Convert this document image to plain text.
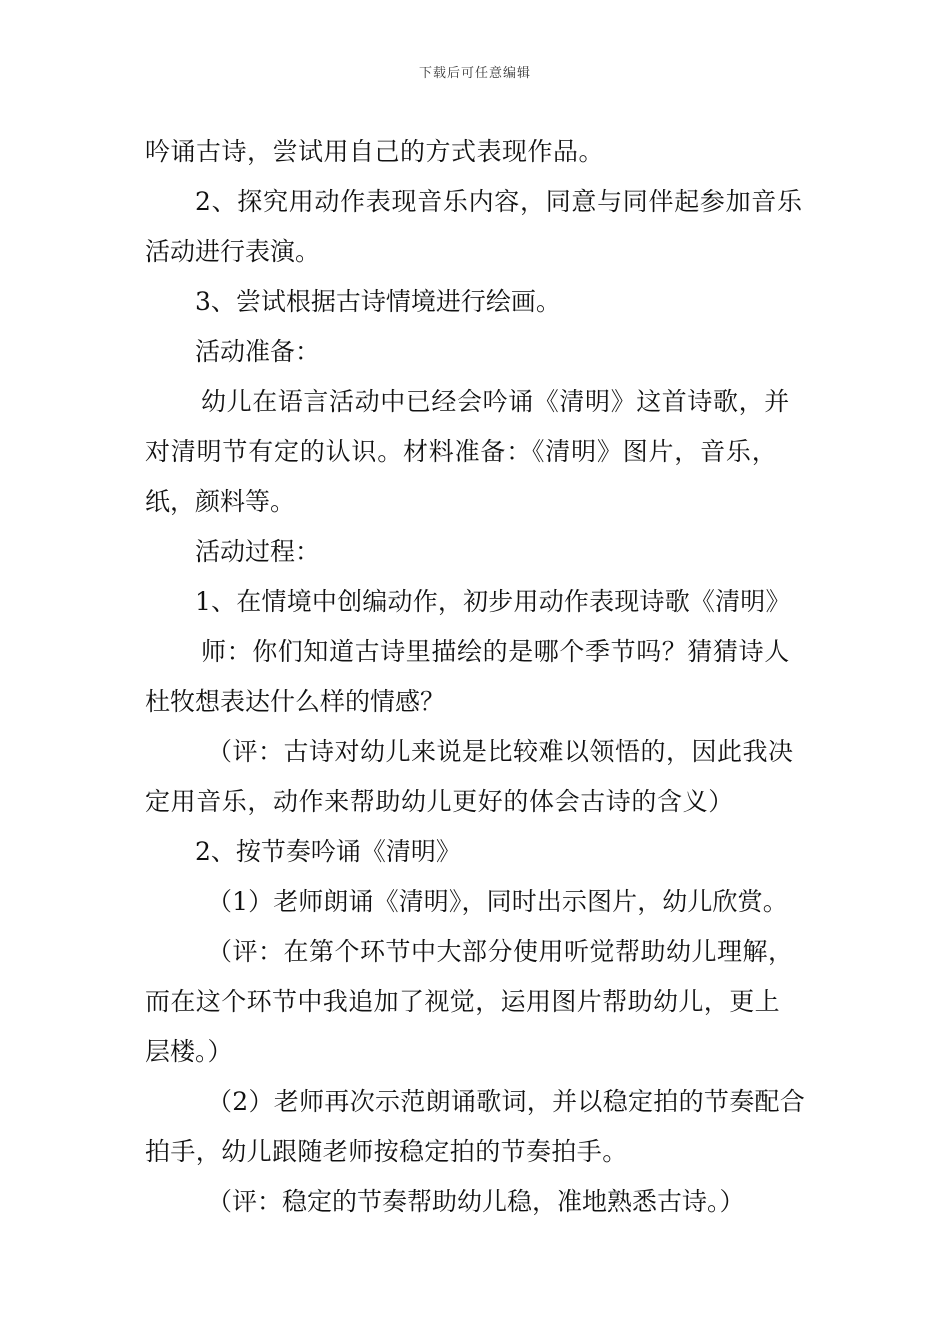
下载后可任意编辑
吟诵古诗，尝试用自己的方式表现作品。
2、探究用动作表现音乐内容，同意与同伴起参加音乐
活动进行表演。
3、尝试根据古诗情境进行绘画。
活动准备：
幼儿在语言活动中已经会吟诵《清明》这首诗歌，并
对清明节有定的认识。材料准备：《清明》图片，音乐，
纸，颜料等。
活动过程：
1、在情境中创编动作，初步用动作表现诗歌《清明》
师：你们知道古诗里描绘的是哪个季节吗？猜猜诗人
杜牧想表达什么样的情感？
（评：古诗对幼儿来说是比较难以领悟的，因此我决
定用音乐，动作来帮助幼儿更好的体会古诗的含义）
2、按节奏吟诵《清明》
（1）老师朗诵《清明》，同时出示图片，幼儿欣赏。
（评：在第个环节中大部分使用听觉帮助幼儿理解，
而在这个环节中我追加了视觉，运用图片帮助幼儿，更上
层楼。）
（2）老师再次示范朗诵歌词，并以稳定拍的节奏配合
拍手，幼儿跟随老师按稳定拍的节奏拍手。
（评：稳定的节奏帮助幼儿稳，准地熟悉古诗。）
